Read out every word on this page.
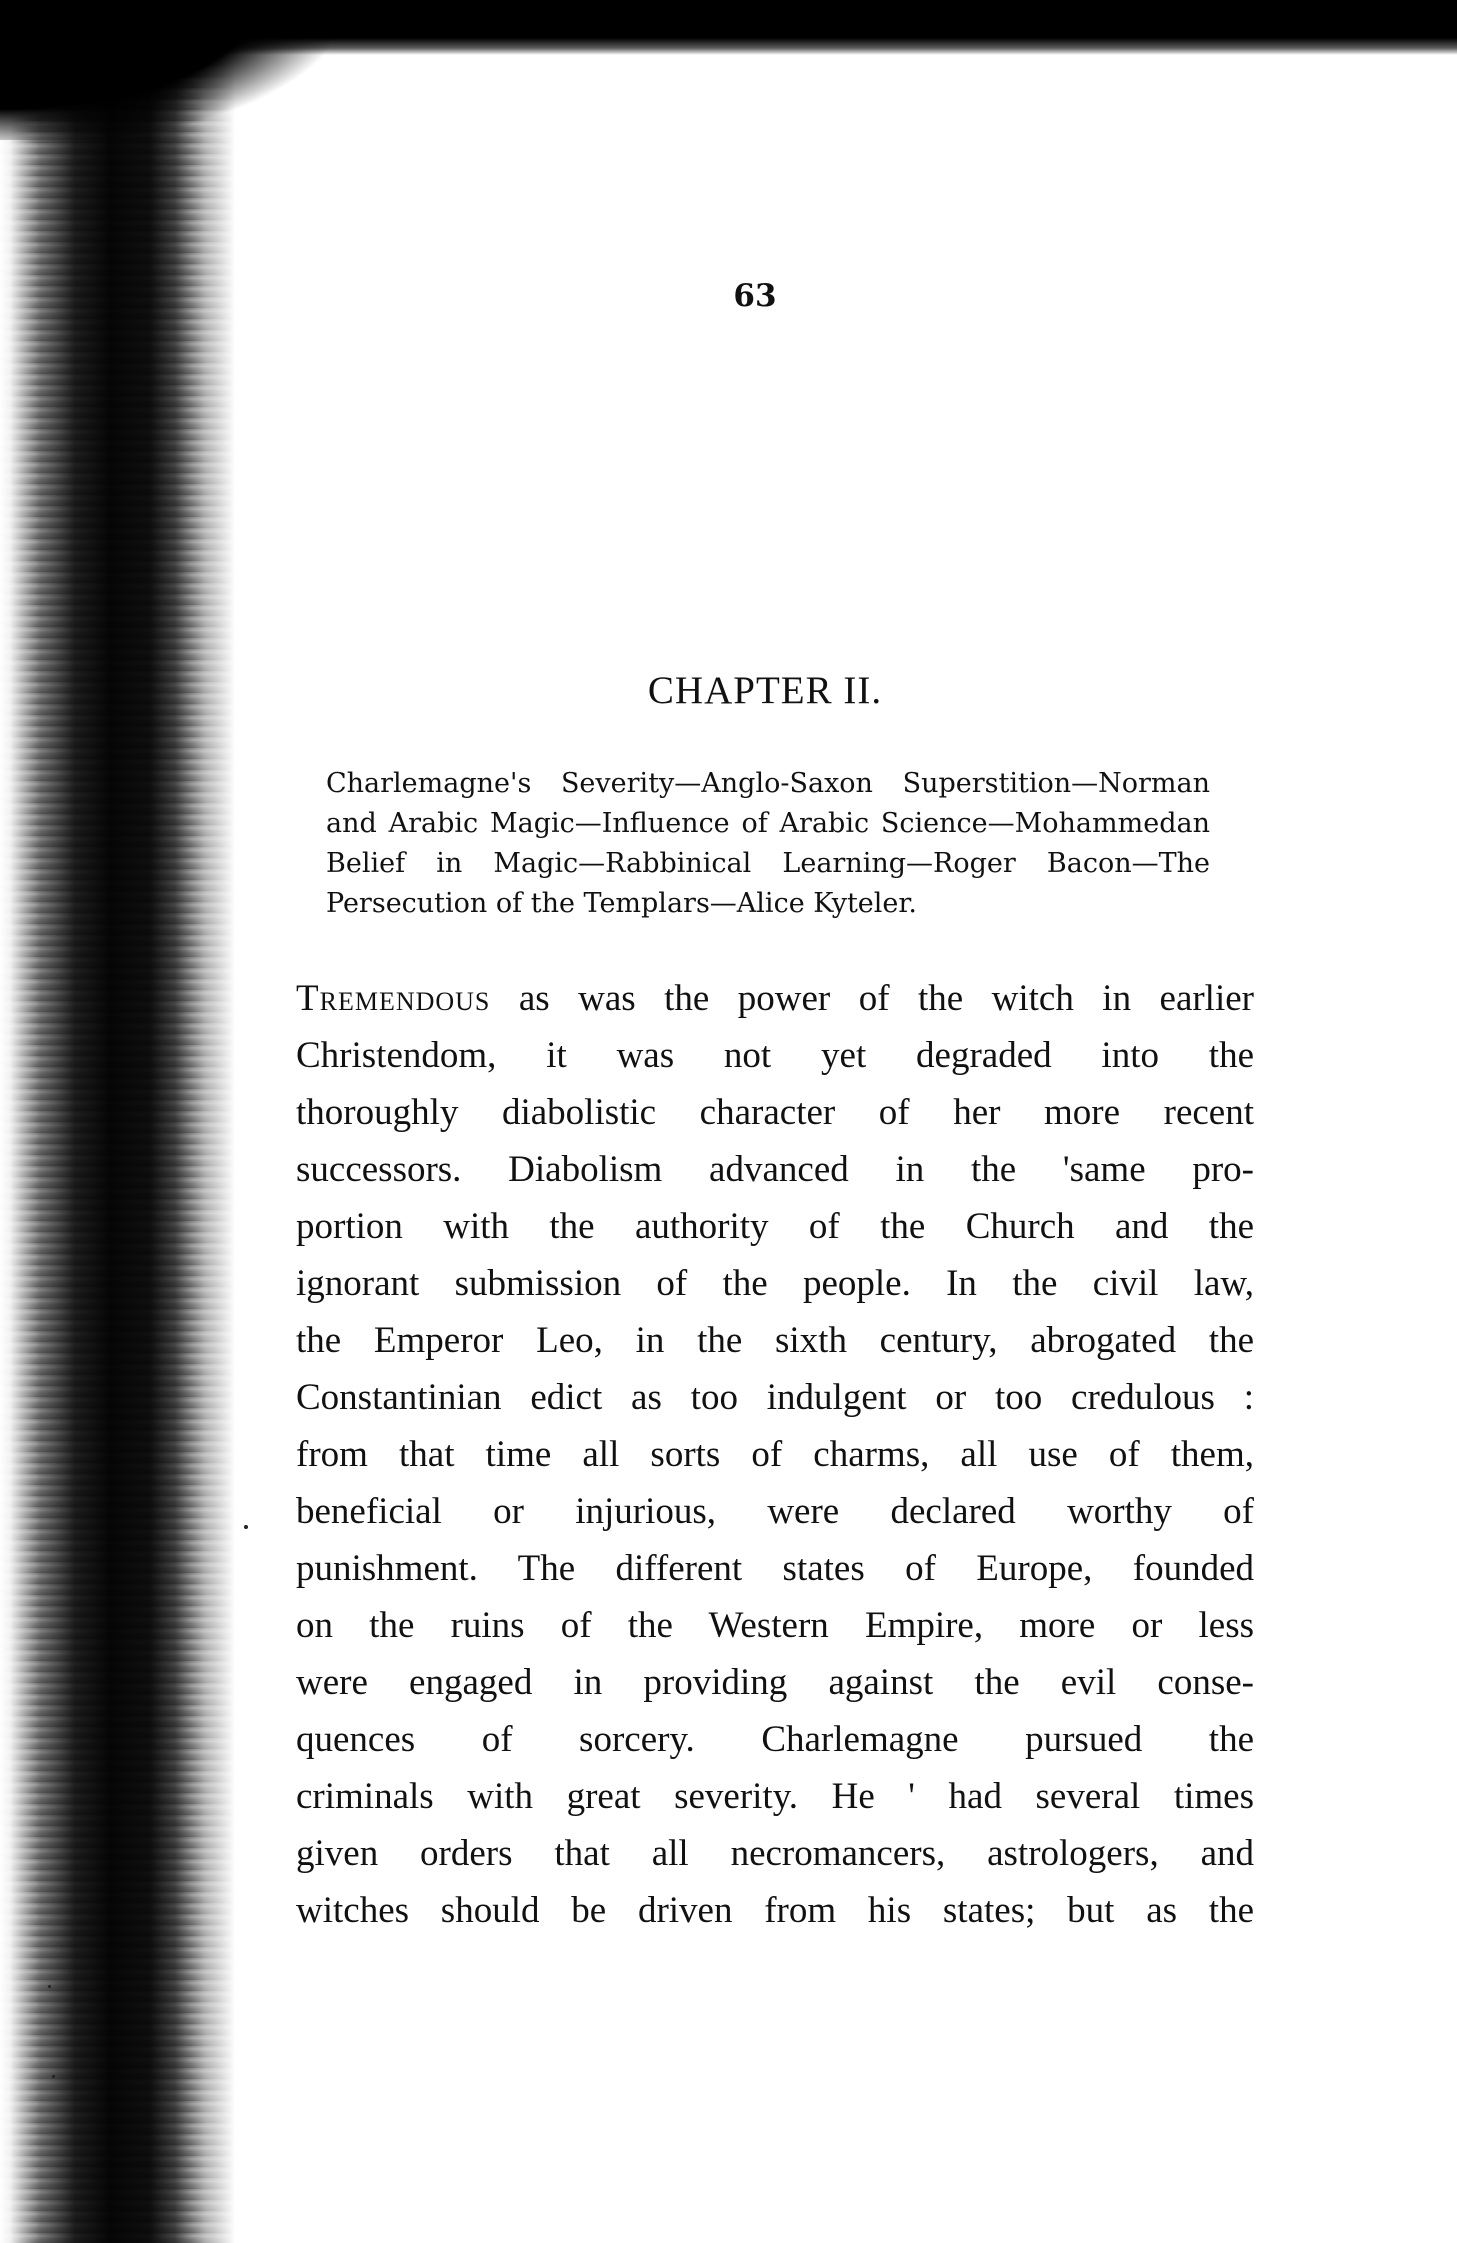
63
CHAPTER II.
Charlemagne's Severity—Anglo-Saxon Superstition—Norman and Arabic Magic—Influence of Arabic Science—Mohammedan Belief in Magic—Rabbinical Learning—Roger Bacon—The Persecution of the Templars—Alice Kyteler.
Tremendous as was the power of the witch in earlier
Christendom, it was not yet degraded into the
thoroughly diabolistic character of her more recent
successors. Diabolism advanced in the 'same pro-
portion with the authority of the Church and the
ignorant submission of the people. In the civil law,
the Emperor Leo, in the sixth century, abrogated the
Constantinian edict as too indulgent or too credulous :
from that time all sorts of charms, all use of them,
beneficial or injurious, were declared worthy of
punishment. The different states of Europe, founded
on the ruins of the Western Empire, more or less
were engaged in providing against the evil conse-
quences of sorcery. Charlemagne pursued the
criminals with great severity. He ' had several times
given orders that all necromancers, astrologers, and
witches should be driven from his states; but as the
